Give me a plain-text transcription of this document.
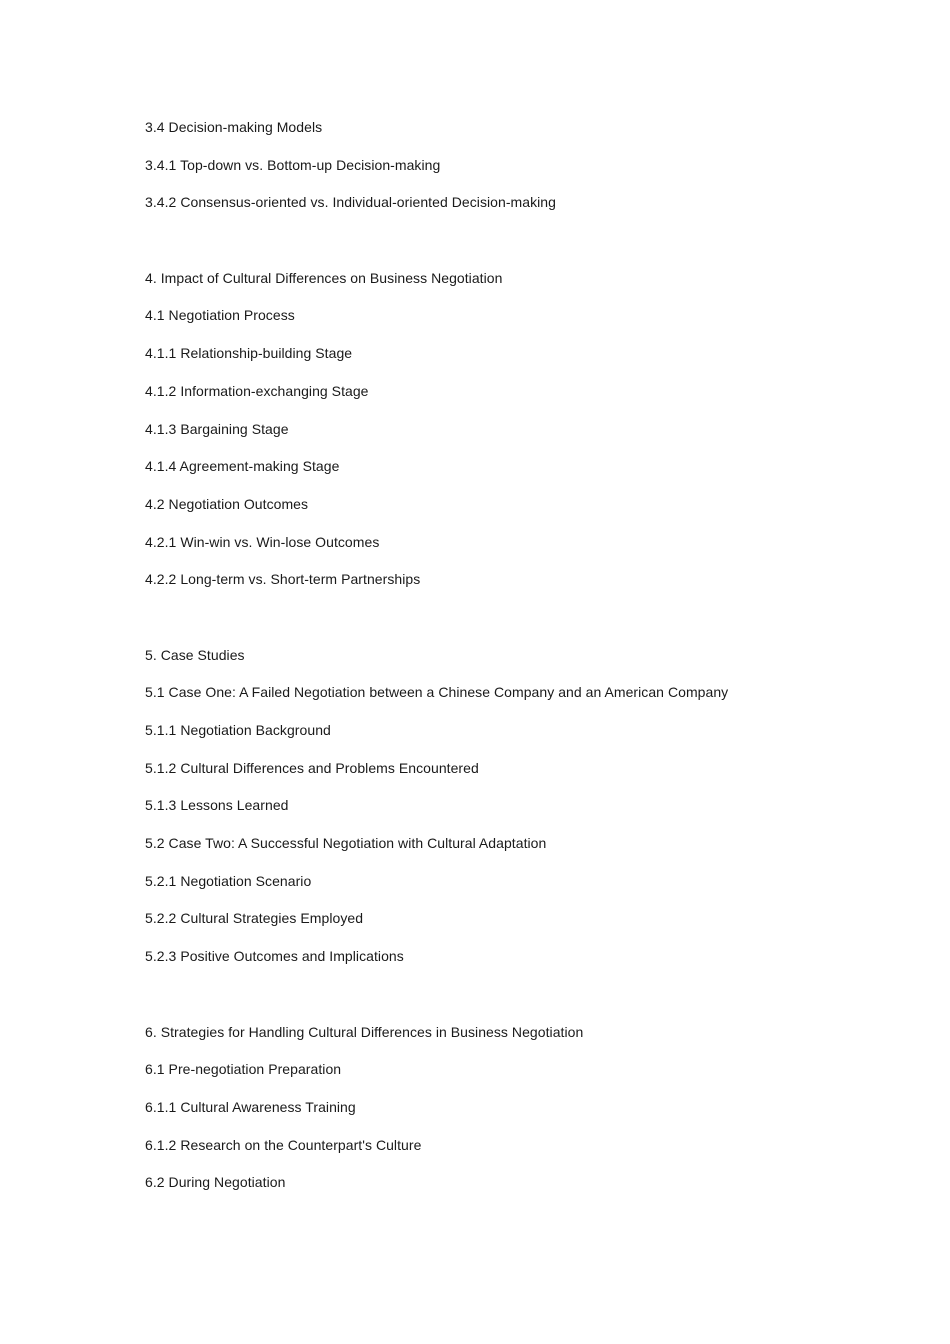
3.4 Decision-making Models
3.4.1 Top-down vs. Bottom-up Decision-making
3.4.2 Consensus-oriented vs. Individual-oriented Decision-making
4. Impact of Cultural Differences on Business Negotiation
4.1 Negotiation Process
4.1.1 Relationship-building Stage
4.1.2 Information-exchanging Stage
4.1.3 Bargaining Stage
4.1.4 Agreement-making Stage
4.2 Negotiation Outcomes
4.2.1 Win-win vs. Win-lose Outcomes
4.2.2 Long-term vs. Short-term Partnerships
5. Case Studies
5.1 Case One: A Failed Negotiation between a Chinese Company and an American Company
5.1.1 Negotiation Background
5.1.2 Cultural Differences and Problems Encountered
5.1.3 Lessons Learned
5.2 Case Two: A Successful Negotiation with Cultural Adaptation
5.2.1 Negotiation Scenario
5.2.2 Cultural Strategies Employed
5.2.3 Positive Outcomes and Implications
6. Strategies for Handling Cultural Differences in Business Negotiation
6.1 Pre-negotiation Preparation
6.1.1 Cultural Awareness Training
6.1.2 Research on the Counterpart's Culture
6.2 During Negotiation
